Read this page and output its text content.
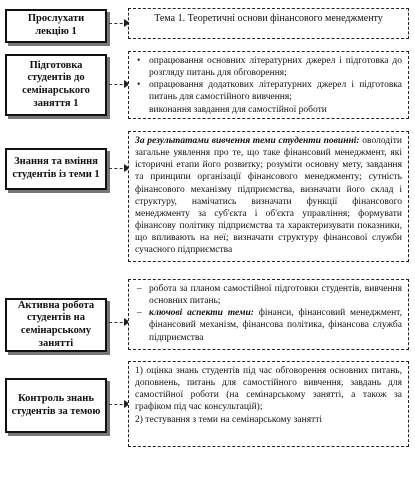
Прослухати лекцію 1
Тема 1. Теоретичні основи фінансового менеджменту
Підготовка студентів до семінарського заняття 1
• опрацювання основних літературних джерел і підготовка до розгляду питань для обговорення;
• опрацювання додаткових літературних джерел і підготовка питань для самостійного вивчення;
виконання завдання для самостійної роботи
Знання та вміння студентів із теми 1
За результатами вивчення теми студенти повинні: оволодіти загальне уявлення про те, що таке фінансовий менеджмент, які історичні етапи його розвитку; розуміти основну мету, завдання та принципи організації фінансового менеджменту; сутність фінансового механізму підприємства, визначати його склад і структуру, намічатись визначати функції фінансового менеджменту за суб'єкта і об'єкта управління; формувати фінансову політику підприємства та характеризувати показники, що впливають на неї; визначати структуру фінансової служби сучасного підприємства
Активна робота студентів на семінарському занятті
– робота за планом самостійної підготовки студентів, вивчення основних питань;
– ключові аспекти теми: фінанси, фінансовий менеджмент, фінансовий механізм, фінансова політика, фінансова служба підприємства
Контроль знань студентів за темою
1) оцінка знань студентів під час обговорення основних питань, доповнень, питань для самостійного вивчення, завдань для самостійної роботи (на семінарському занятті, а також за графіком під час консультацій);
2) тестування з теми на семінарському занятті
